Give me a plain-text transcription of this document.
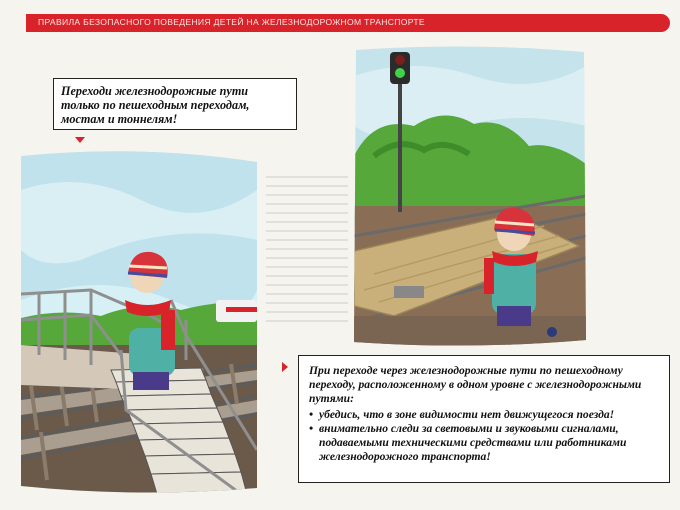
ПРАВИЛА БЕЗОПАСНОГО ПОВЕДЕНИЯ ДЕТЕЙ НА ЖЕЛЕЗНОДОРОЖНОМ ТРАНСПОРТЕ
Переходи железнодорожные пути только по пешеходным переходам, мостам и тоннелям!
При переходе через железнодорожные пути по пешеходному переходу, расположенному в одном уровне с железнодорожными путями:
• убедись, что в зоне видимости нет движущегося поезда!
• внимательно следи за световыми и звуковыми сигналами, подаваемыми техническими средствами или работниками железнодорожного транспорта!
